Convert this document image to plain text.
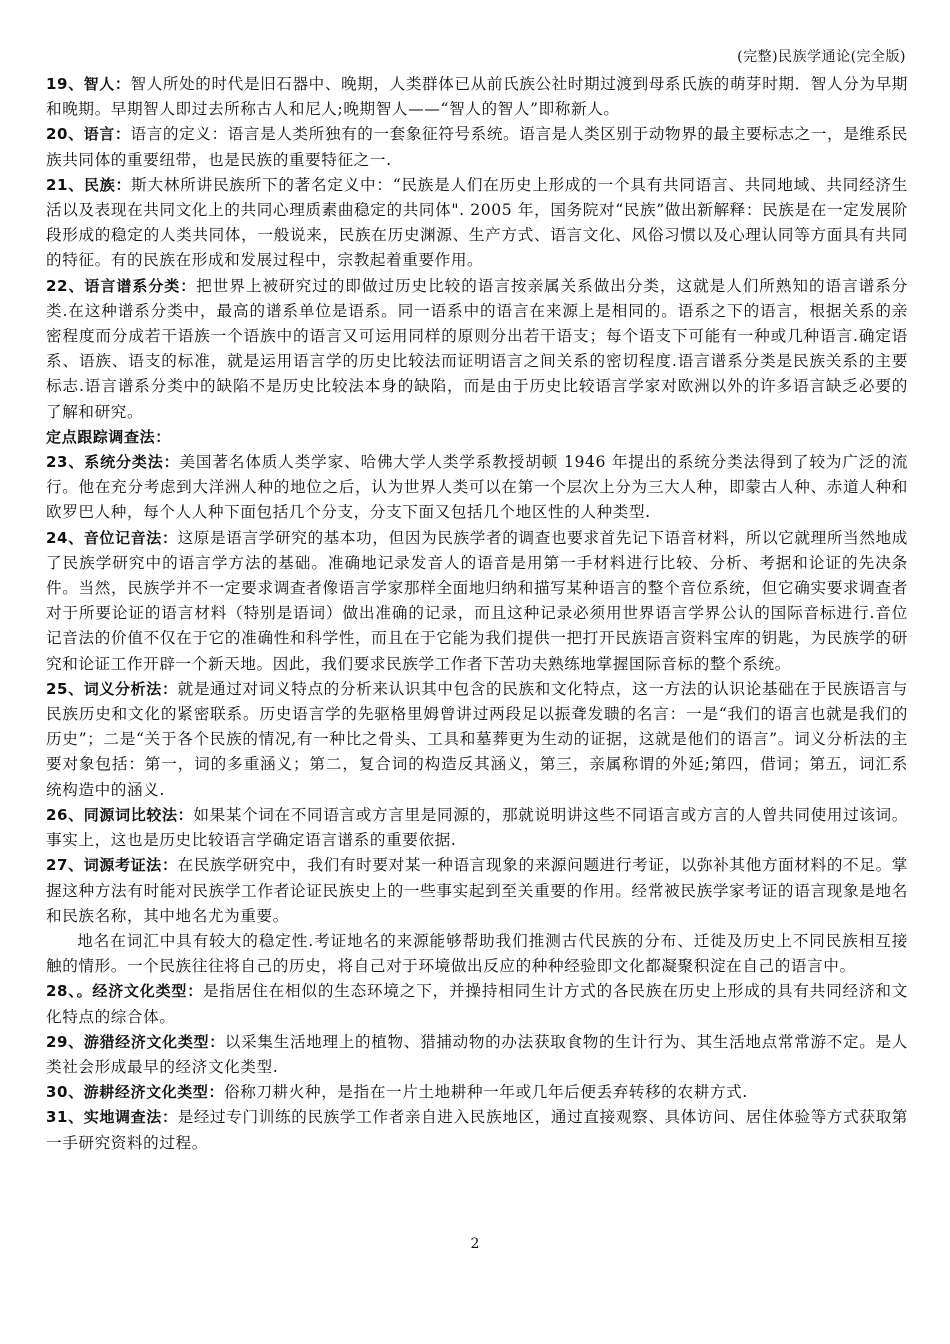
(完整)民族学通论(完全版)

19、智人：智人所处的时代是旧石器中、晚期，人类群体已从前氏族公社时期过渡到母系氏族的萌芽时期．智人分为早期和晚期。早期智人即过去所称古人和尼人;晚期智人——“智人的智人”即称新人。

20、语言：语言的定义：语言是人类所独有的一套象征符号系统。语言是人类区别于动物界的最主要标志之一，是维系民族共同体的重要纽带，也是民族的重要特征之一.

21、民族：斯大林所讲民族所下的著名定义中：“民族是人们在历史上形成的一个具有共同语言、共同地域、共同经济生活以及表现在共同文化上的共同心理质素曲稳定的共同体". 2005 年，国务院对“民族”做出新解释：民族是在一定发展阶段形成的稳定的人类共同体，一般说来，民族在历史渊源、生产方式、语言文化、风俗习惯以及心理认同等方面具有共同的特征。有的民族在形成和发展过程中，宗教起着重要作用。

22、语言谱系分类：把世界上被研究过的即做过历史比较的语言按亲属关系做出分类，这就是人们所熟知的语言谱系分类.在这种谱系分类中，最高的谱系单位是语系。同一语系中的语言在来源上是相同的。语系之下的语言，根据关系的亲密程度而分成若干语族一个语族中的语言又可运用同样的原则分出若干语支；每个语支下可能有一种或几种语言.确定语系、语族、语支的标准，就是运用语言学的历史比较法而证明语言之间关系的密切程度.语言谱系分类是民族关系的主要标志.语言谱系分类中的缺陷不是历史比较法本身的缺陷，而是由于历史比较语言学家对欧洲以外的许多语言缺乏必要的了解和研究。

定点跟踪调查法：

23、系统分类法：美国著名体质人类学家、哈佛大学人类学系教授胡顿 1946 年提出的系统分类法得到了较为广泛的流行。他在充分考虑到大洋洲人种的地位之后，认为世界人类可以在第一个层次上分为三大人种，即蒙古人种、赤道人种和欧罗巴人种，每个人人种下面包括几个分支，分支下面又包括几个地区性的人种类型.

24、音位记音法：这原是语言学研究的基本功，但因为民族学者的调查也要求首先记下语音材料，所以它就理所当然地成了民族学研究中的语言学方法的基础。准确地记录发音人的语音是用第一手材料进行比较、分析、考据和论证的先决条件。当然，民族学并不一定要求调查者像语言学家那样全面地归纳和描写某种语言的整个音位系统，但它确实要求调查者对于所要论证的语言材料（特别是语词）做出准确的记录，而且这种记录必须用世界语言学界公认的国际音标进行.音位记音法的价值不仅在于它的准确性和科学性，而且在于它能为我们提供一把打开民族语言资料宝库的钥匙，为民族学的研究和论证工作开辟一个新天地。因此，我们要求民族学工作者下苦功夫熟练地掌握国际音标的整个系统。

25、词义分析法：就是通过对词义特点的分析来认识其中包含的民族和文化特点，这一方法的认识论基础在于民族语言与民族历史和文化的紧密联系。历史语言学的先驱格里姆曾讲过两段足以振聋发聩的名言：一是“我们的语言也就是我们的历史”；二是“关于各个民族的情况,有一种比之骨头、工具和墓葬更为生动的证据，这就是他们的语言”。词义分析法的主要对象包括：第一，词的多重涵义；第二，复合词的构造反其涵义，第三，亲属称谓的外延;第四，借词；第五，词汇系统构造中的涵义.

26、同源词比较法：如果某个词在不同语言或方言里是同源的，那就说明讲这些不同语言或方言的人曾共同使用过该词。事实上，这也是历史比较语言学确定语言谱系的重要依据.

27、词源考证法：在民族学研究中，我们有时要对某一种语言现象的来源问题进行考证，以弥补其他方面材料的不足。掌握这种方法有时能对民族学工作者论证民族史上的一些事实起到至关重要的作用。经常被民族学家考证的语言现象是地名和民族名称，其中地名尤为重要。

地名在词汇中具有较大的稳定性.考证地名的来源能够帮助我们推测古代民族的分布、迁徙及历史上不同民族相互接触的情形。一个民族往往将自己的历史，将自己对于环境做出反应的种种经验即文化都凝聚积淀在自己的语言中。

28、。经济文化类型：是指居住在相似的生态环境之下，并操持相同生计方式的各民族在历史上形成的具有共同经济和文化特点的综合体。

29、游猎经济文化类型：以采集生活地理上的植物、猎捕动物的办法获取食物的生计行为、其生活地点常常游不定。是人类社会形成最早的经济文化类型.

30、游耕经济文化类型：俗称刀耕火种，是指在一片土地耕种一年或几年后便丢弃转移的农耕方式.

31、实地调查法：是经过专门训练的民族学工作者亲自进入民族地区，通过直接观察、具体访问、居住体验等方式获取第一手研究资料的过程。

2
